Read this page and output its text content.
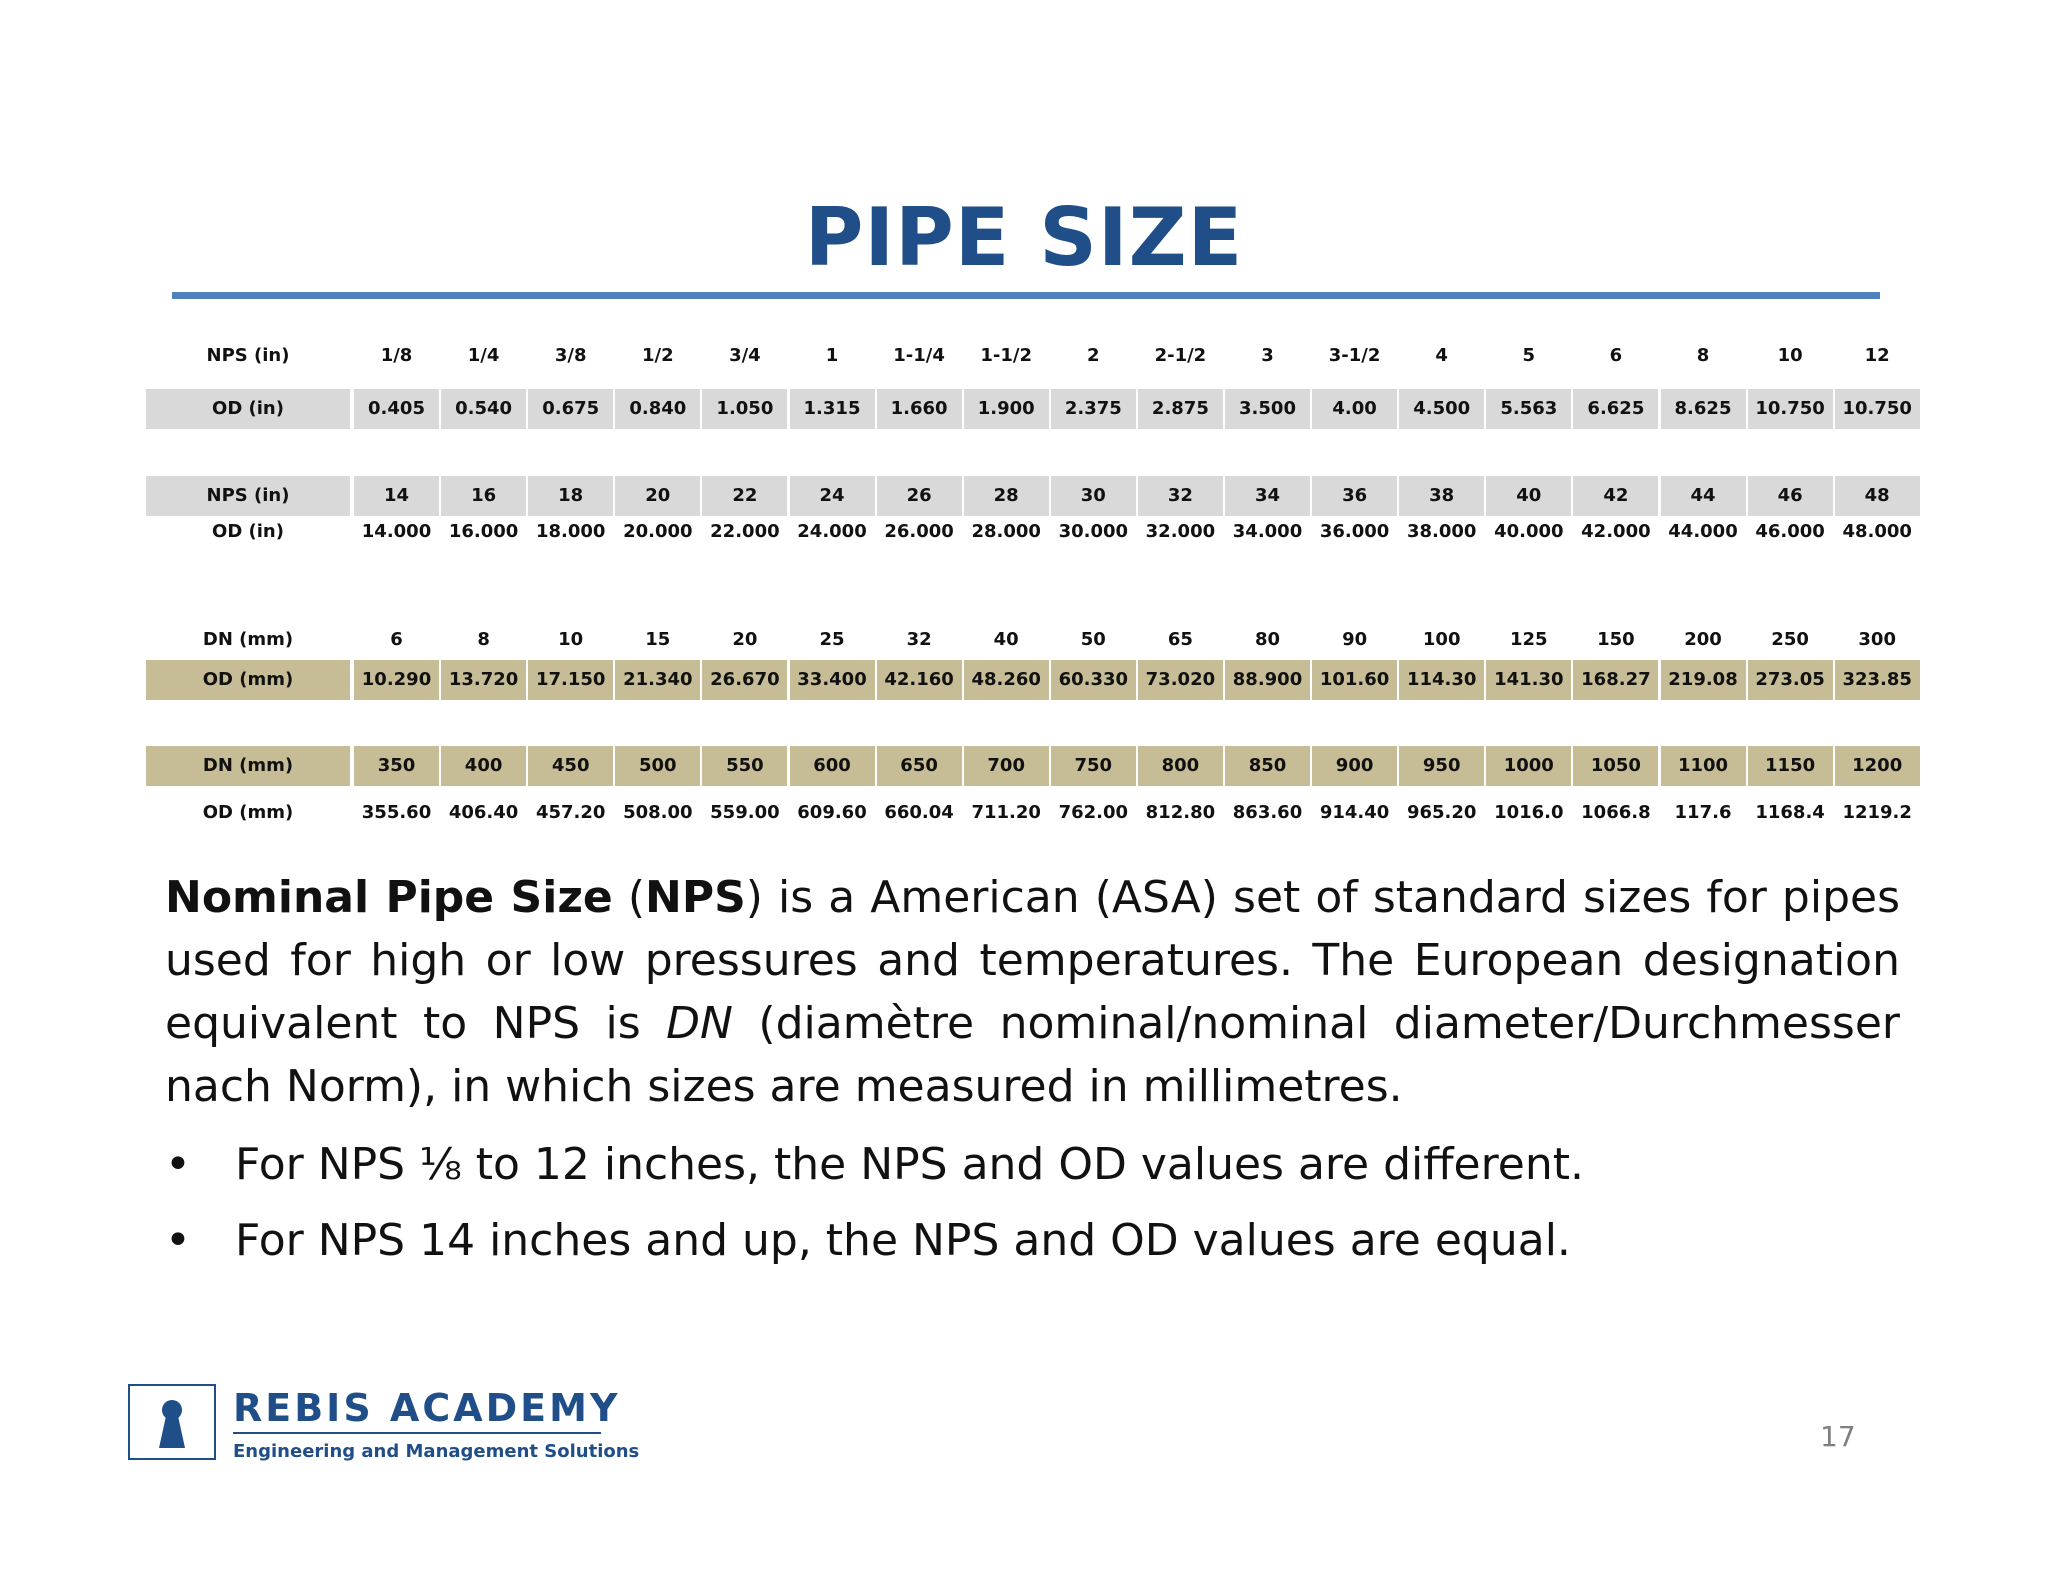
PIPE SIZE
NPS (in)	1/8	1/4	3/8	1/2	3/4	1	1-1/4	1-1/2	2	2-1/2	3	3-1/2	4	5	6	8	10	12
OD (in)	0.405	0.540	0.675	0.840	1.050	1.315	1.660	1.900	2.375	2.875	3.500	4.00	4.500	5.563	6.625	8.625	10.750 10.750
NPS (in)	14	16	18	20	22	24	26	28	30	32	34	36	38	40	42	44	46	48
OD (in)	14.000 16.000 18.000 20.000 22.000 24.000 26.000 28.000 30.000 32.000 34.000 36.000 38.000 40.000 42.000 44.000 46.000 48.000
DN (mm)	6	8	10	15	20	25	32	40	50	65	80	90	100	125	150	200	250	300
OD (mm)	10.290 13.720 17.150 21.340 26.670 33.400 42.160 48.260 60.330 73.020 88.900 101.60 114.30 141.30 168.27 219.08 273.05 323.85
DN (mm)	350	400	450	500	550	600	650	700	750	800	850	900	950	1000	1050	1100	1150	1200
OD (mm)	355.60 406.40 457.20 508.00 559.00 609.60 660.04 711.20 762.00 812.80 863.60 914.40 965.20 1016.0 1066.8	117.6	1168.4 1219.2
Nominal Pipe Size (NPS) is a American (ASA) set of standard sizes for pipes used for high or low pressures and temperatures. The European designation equivalent to NPS is DN (diamètre nominal/nominal diameter/Durchmesser nach Norm), in which sizes are measured in millimetres.
• For NPS ⅛ to 12 inches, the NPS and OD values are different.
• For NPS 14 inches and up, the NPS and OD values are equal.
REBIS ACADEMY
Engineering and Management Solutions	17
